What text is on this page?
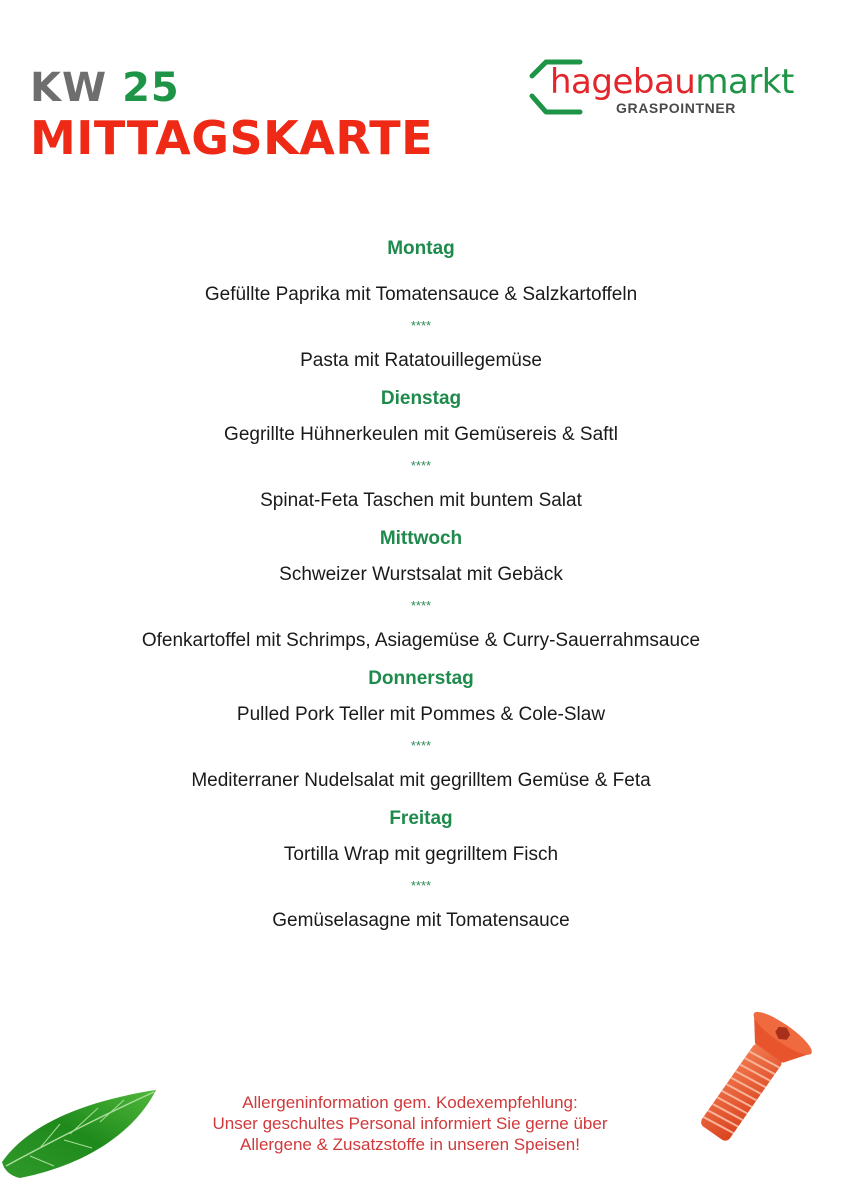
KW 25
MITTAGSKARTE
hagebaumarkt
GRASPOINTNER
Montag
Gefüllte Paprika mit Tomatensauce & Salzkartoffeln
****
Pasta mit Ratatouillegemüse
Dienstag
Gegrillte Hühnerkeulen mit Gemüsereis & Saftl
****
Spinat-Feta Taschen mit buntem Salat
Mittwoch
Schweizer Wurstsalat mit Gebäck
****
Ofenkartoffel mit Schrimps, Asiagemüse & Curry-Sauerrahmsauce
Donnerstag
Pulled Pork Teller mit Pommes & Cole-Slaw
****
Mediterraner Nudelsalat mit gegrilltem Gemüse & Feta
Freitag
Tortilla Wrap mit gegrilltem Fisch
****
Gemüselasagne mit Tomatensauce
Allergeninformation gem. Kodexempfehlung:
Unser geschultes Personal informiert Sie gerne über
Allergene & Zusatzstoffe in unseren Speisen!
